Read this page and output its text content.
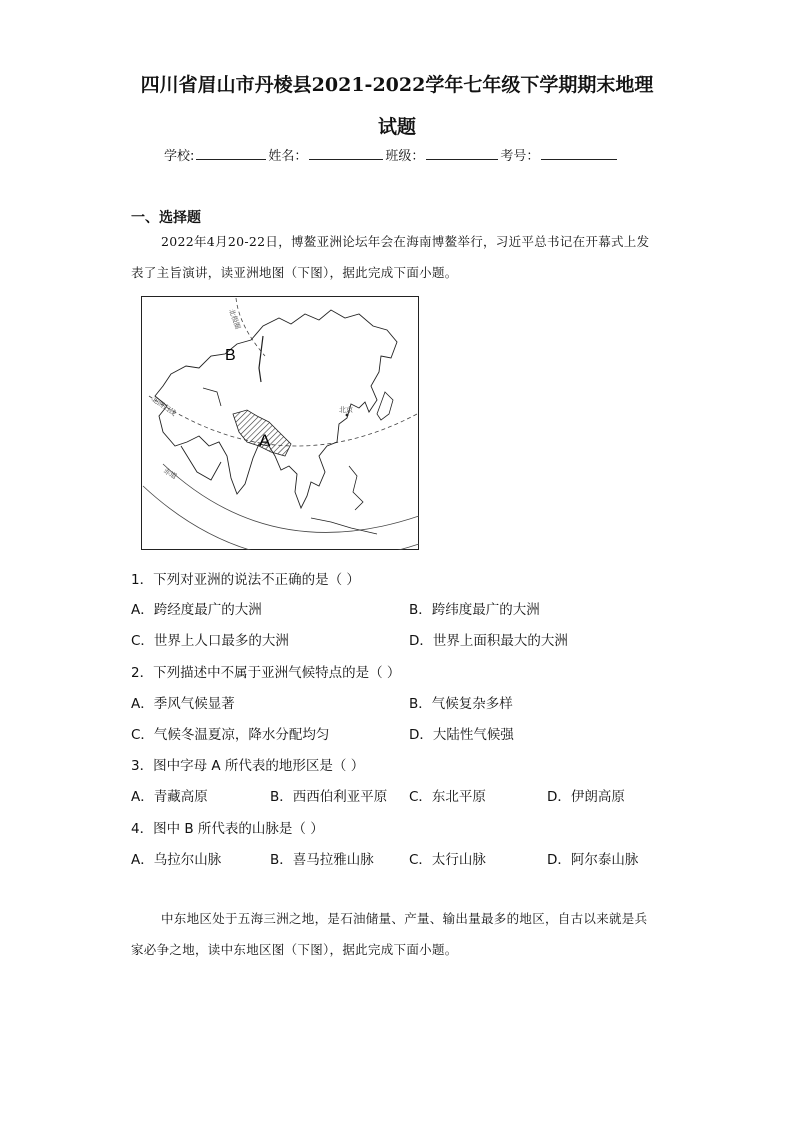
四川省眉山市丹棱县2021-2022学年七年级下学期期末地理
试题
学校:	姓名：	班级：	考号：
一、选择题
2022年4月20-22日，博鳌亚洲论坛年会在海南博鳌举行，习近平总书记在开幕式上发表了主旨演讲，读亚洲地图（下图），据此完成下面小题。
B
A
北极圈
北回归线
赤道
北京
1．下列对亚洲的说法不正确的是（ ）
A．跨经度最广的大洲	B．跨纬度最广的大洲
C．世界上人口最多的大洲	D．世界上面积最大的大洲
2．下列描述中不属于亚洲气候特点的是（ ）
A．季风气候显著	B．气候复杂多样
C．气候冬温夏凉，降水分配均匀	D．大陆性气候强
3．图中字母 A 所代表的地形区是（ ）
A．青藏高原	B．西西伯利亚平原 C．东北平原	D．伊朗高原
4．图中 B 所代表的山脉是（ ）
A．乌拉尔山脉	B．喜马拉雅山脉	C．太行山脉	D．阿尔泰山脉
中东地区处于五海三洲之地，是石油储量、产量、输出量最多的地区，自古以来就是兵家必争之地，读中东地区图（下图），据此完成下面小题。
